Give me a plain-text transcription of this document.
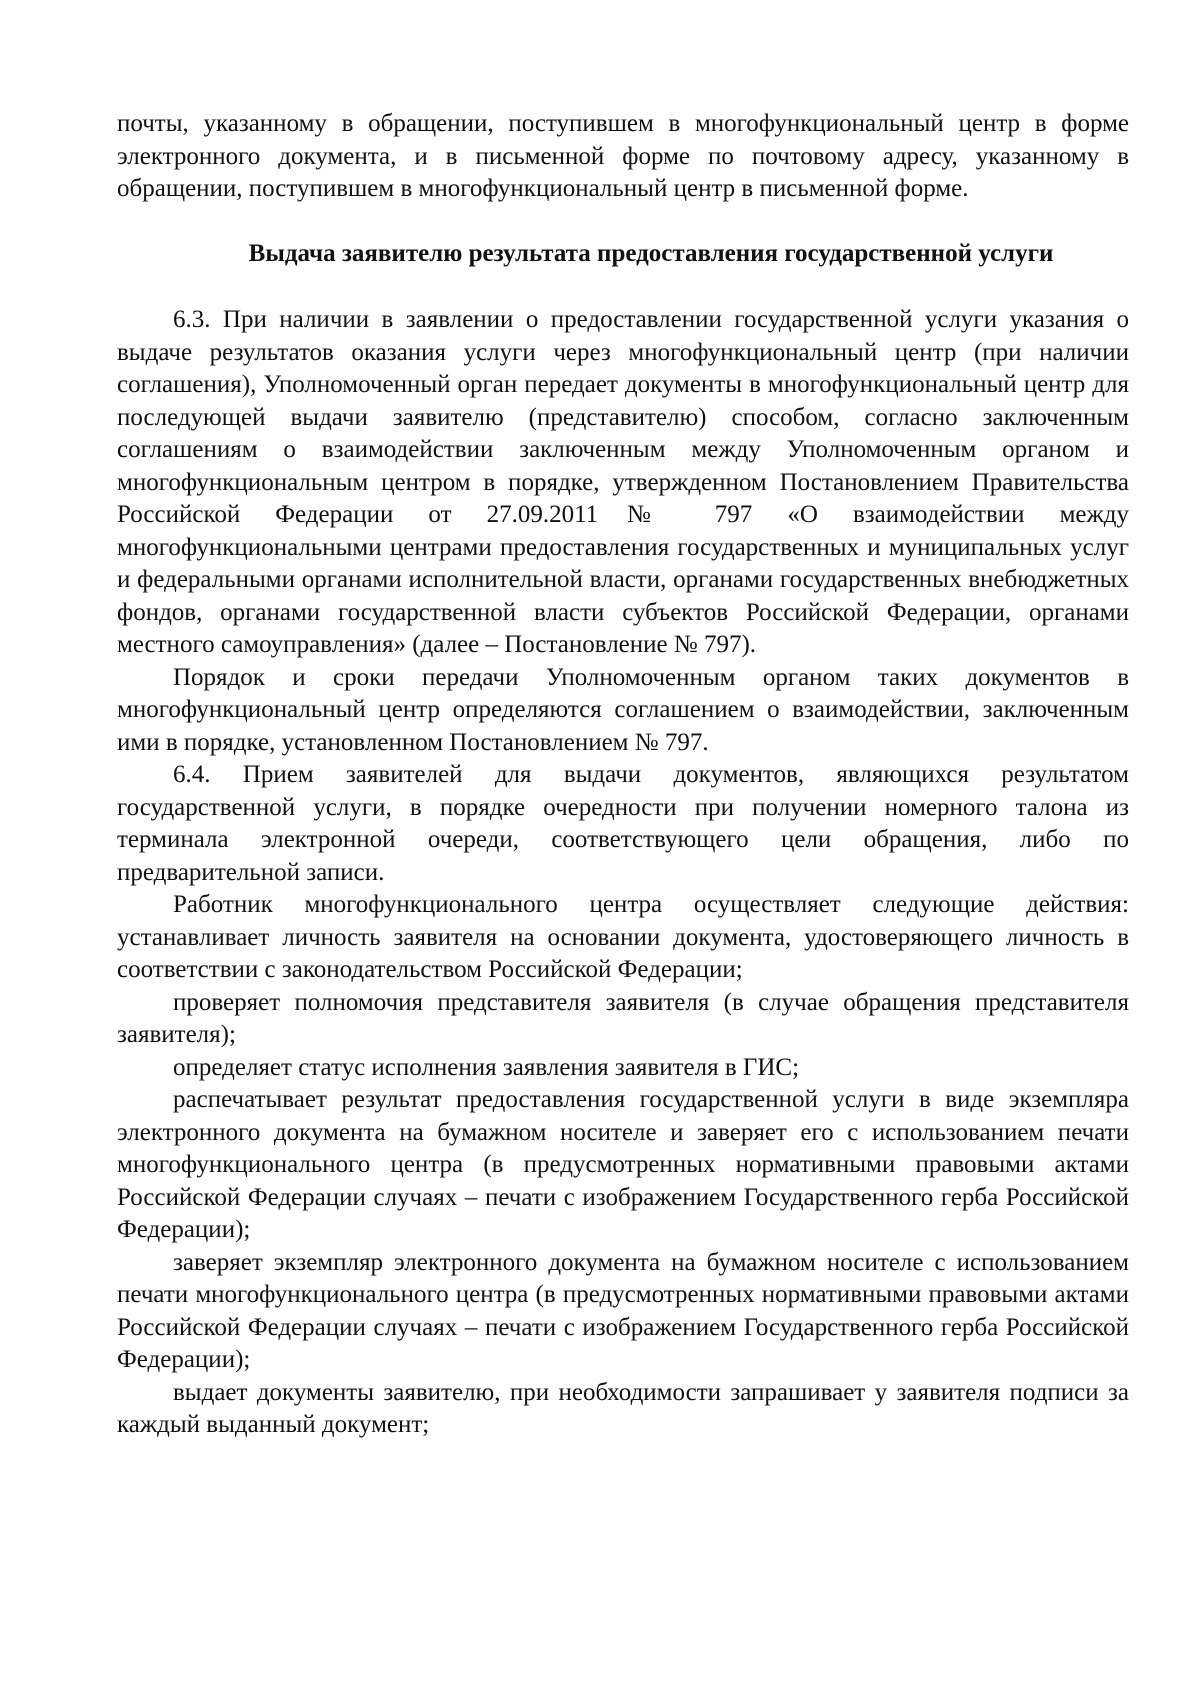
почты, указанному в обращении, поступившем в многофункциональный центр в форме электронного документа, и в письменной форме по почтовому адресу, указанному в обращении, поступившем в многофункциональный центр в письменной форме.

Выдача заявителю результата предоставления государственной услуги

6.3. При наличии в заявлении о предоставлении государственной услуги указания о выдаче результатов оказания услуги через многофункциональный центр (при наличии соглашения), Уполномоченный орган передает документы в многофункциональный центр для последующей выдачи заявителю (представителю) способом, согласно заключенным соглашениям о взаимодействии заключенным между Уполномоченным органом и многофункциональным центром в порядке, утвержденном Постановлением Правительства Российской Федерации от 27.09.2011№ 797 «О взаимодействии между многофункциональными центрами предоставления государственных и муниципальных услуг и федеральными органами исполнительной власти, органами государственных внебюджетных фондов, органами государственной власти субъектов Российской Федерации, органами местного самоуправления» (далее – Постановление № 797).

Порядок и сроки передачи Уполномоченным органом таких документов в многофункциональный центр определяются соглашением о взаимодействии, заключенным ими в порядке, установленном Постановлением № 797.

6.4. Прием заявителей для выдачи документов, являющихся результатом государственной услуги, в порядке очередности при получении номерного талона из терминала электронной очереди, соответствующего цели обращения, либо по предварительной записи.

Работник многофункционального центра осуществляет следующие действия: устанавливает личность заявителя на основании документа, удостоверяющего личность в соответствии с законодательством Российской Федерации;

проверяет полномочия представителя заявителя (в случае обращения представителя заявителя);

определяет статус исполнения заявления заявителя в ГИС;

распечатывает результат предоставления государственной услуги в виде экземпляра электронного документа на бумажном носителе и заверяет его с использованием печати многофункционального центра (в предусмотренных нормативными правовыми актами Российской Федерации случаях – печати с изображением Государственного герба Российской Федерации);

заверяет экземпляр электронного документа на бумажном носителе с использованием печати многофункционального центра (в предусмотренных нормативными правовыми актами Российской Федерации случаях – печати с изображением Государственного герба Российской Федерации);

выдает документы заявителю, при необходимости запрашивает у заявителя подписи за каждый выданный документ;
